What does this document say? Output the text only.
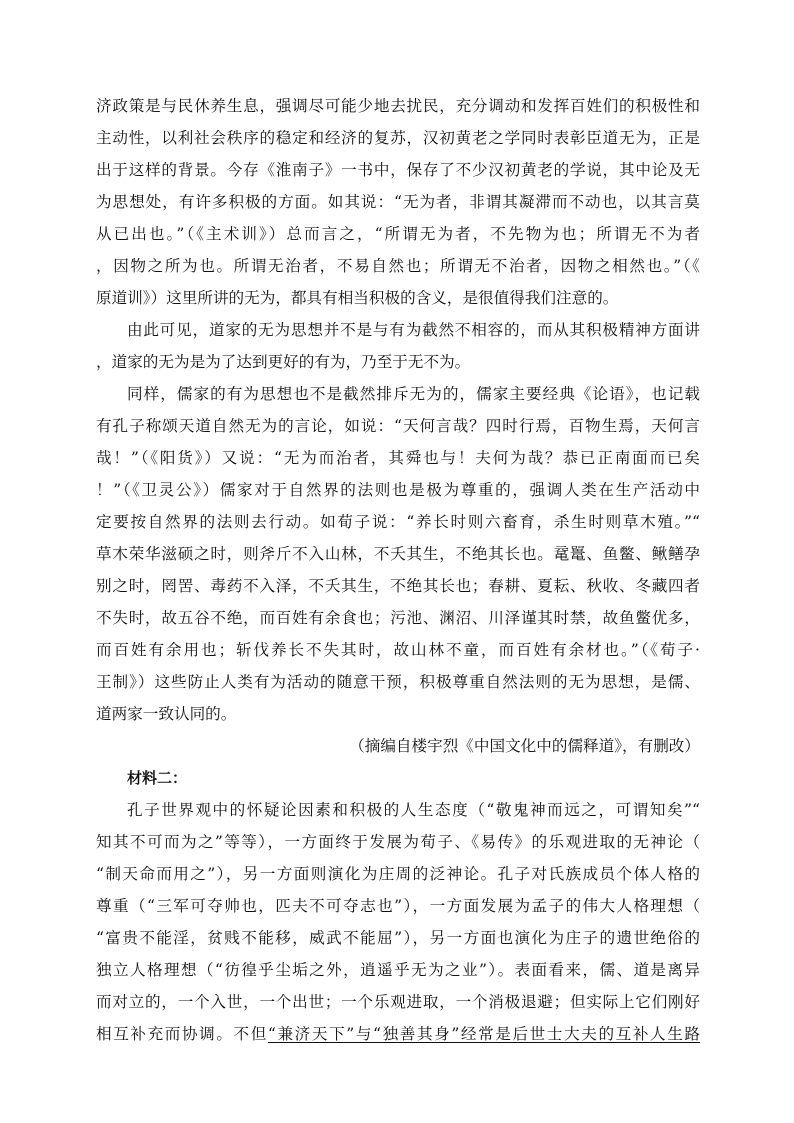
济政策是与民休养生息，强调尽可能少地去扰民，充分调动和发挥百姓们的积极性和
主动性，以利社会秩序的稳定和经济的复苏，汉初黄老之学同时表彰臣道无为，正是
出于这样的背景。今存《淮南子》一书中，保存了不少汉初黄老的学说，其中论及无
为思想处，有许多积极的方面。如其说：“无为者，非谓其凝滞而不动也，以其言莫
从已出也。”（《主术训》）总而言之，“所谓无为者，不先物为也；所谓无不为者
，因物之所为也。所谓无治者，不易自然也；所谓无不治者，因物之相然也。”（《
原道训》）这里所讲的无为，都具有相当积极的含义，是很值得我们注意的。
由此可见，道家的无为思想并不是与有为截然不相容的，而从其积极精神方面讲
，道家的无为是为了达到更好的有为，乃至于无不为。
同样，儒家的有为思想也不是截然排斥无为的，儒家主要经典《论语》，也记载
有孔子称颂天道自然无为的言论，如说：“天何言哉？四时行焉，百物生焉，天何言
哉！”（《阳货》）又说：“无为而治者，其舜也与！夫何为哉？恭已正南面而已矣
！”（《卫灵公》）儒家对于自然界的法则也是极为尊重的，强调人类在生产活动中
定要按自然界的法则去行动。如荀子说：“养长时则六畜育，杀生时则草木殖。”“
草木荣华滋硕之时，则斧斤不入山林，不夭其生，不绝其长也。鼋鼍、鱼鳖、鳅鳝孕
别之时，罔罟、毒药不入泽，不夭其生，不绝其长也；春耕、夏耘、秋收、冬藏四者
不失时，故五谷不绝，而百姓有余食也；污池、渊沼、川泽谨其时禁，故鱼鳖优多，
而百姓有余用也；斩伐养长不失其时，故山林不童，而百姓有余材也。”（《荀子·
王制》）这些防止人类有为活动的随意干预，积极尊重自然法则的无为思想，是儒、
道两家一致认同的。
（摘编自楼宇烈《中国文化中的儒释道》，有删改）
材料二：
孔子世界观中的怀疑论因素和积极的人生态度（“敬鬼神而远之，可谓知矣”“
知其不可而为之”等等），一方面终于发展为荀子、《易传》的乐观进取的无神论（
“制天命而用之”），另一方面则演化为庄周的泛神论。孔子对氏族成员个体人格的
尊重（“三军可夺帅也，匹夫不可夺志也”），一方面发展为孟子的伟大人格理想（
“富贵不能淫，贫贱不能移，威武不能屈”），另一方面也演化为庄子的遗世绝俗的
独立人格理想（“彷徨乎尘垢之外，逍遥乎无为之业”）。表面看来，儒、道是离异
而对立的，一个入世，一个出世；一个乐观进取，一个消极退避；但实际上它们刚好
相互补充而协调。不但“兼济天下”与“独善其身”经常是后世士大夫的互补人生路
